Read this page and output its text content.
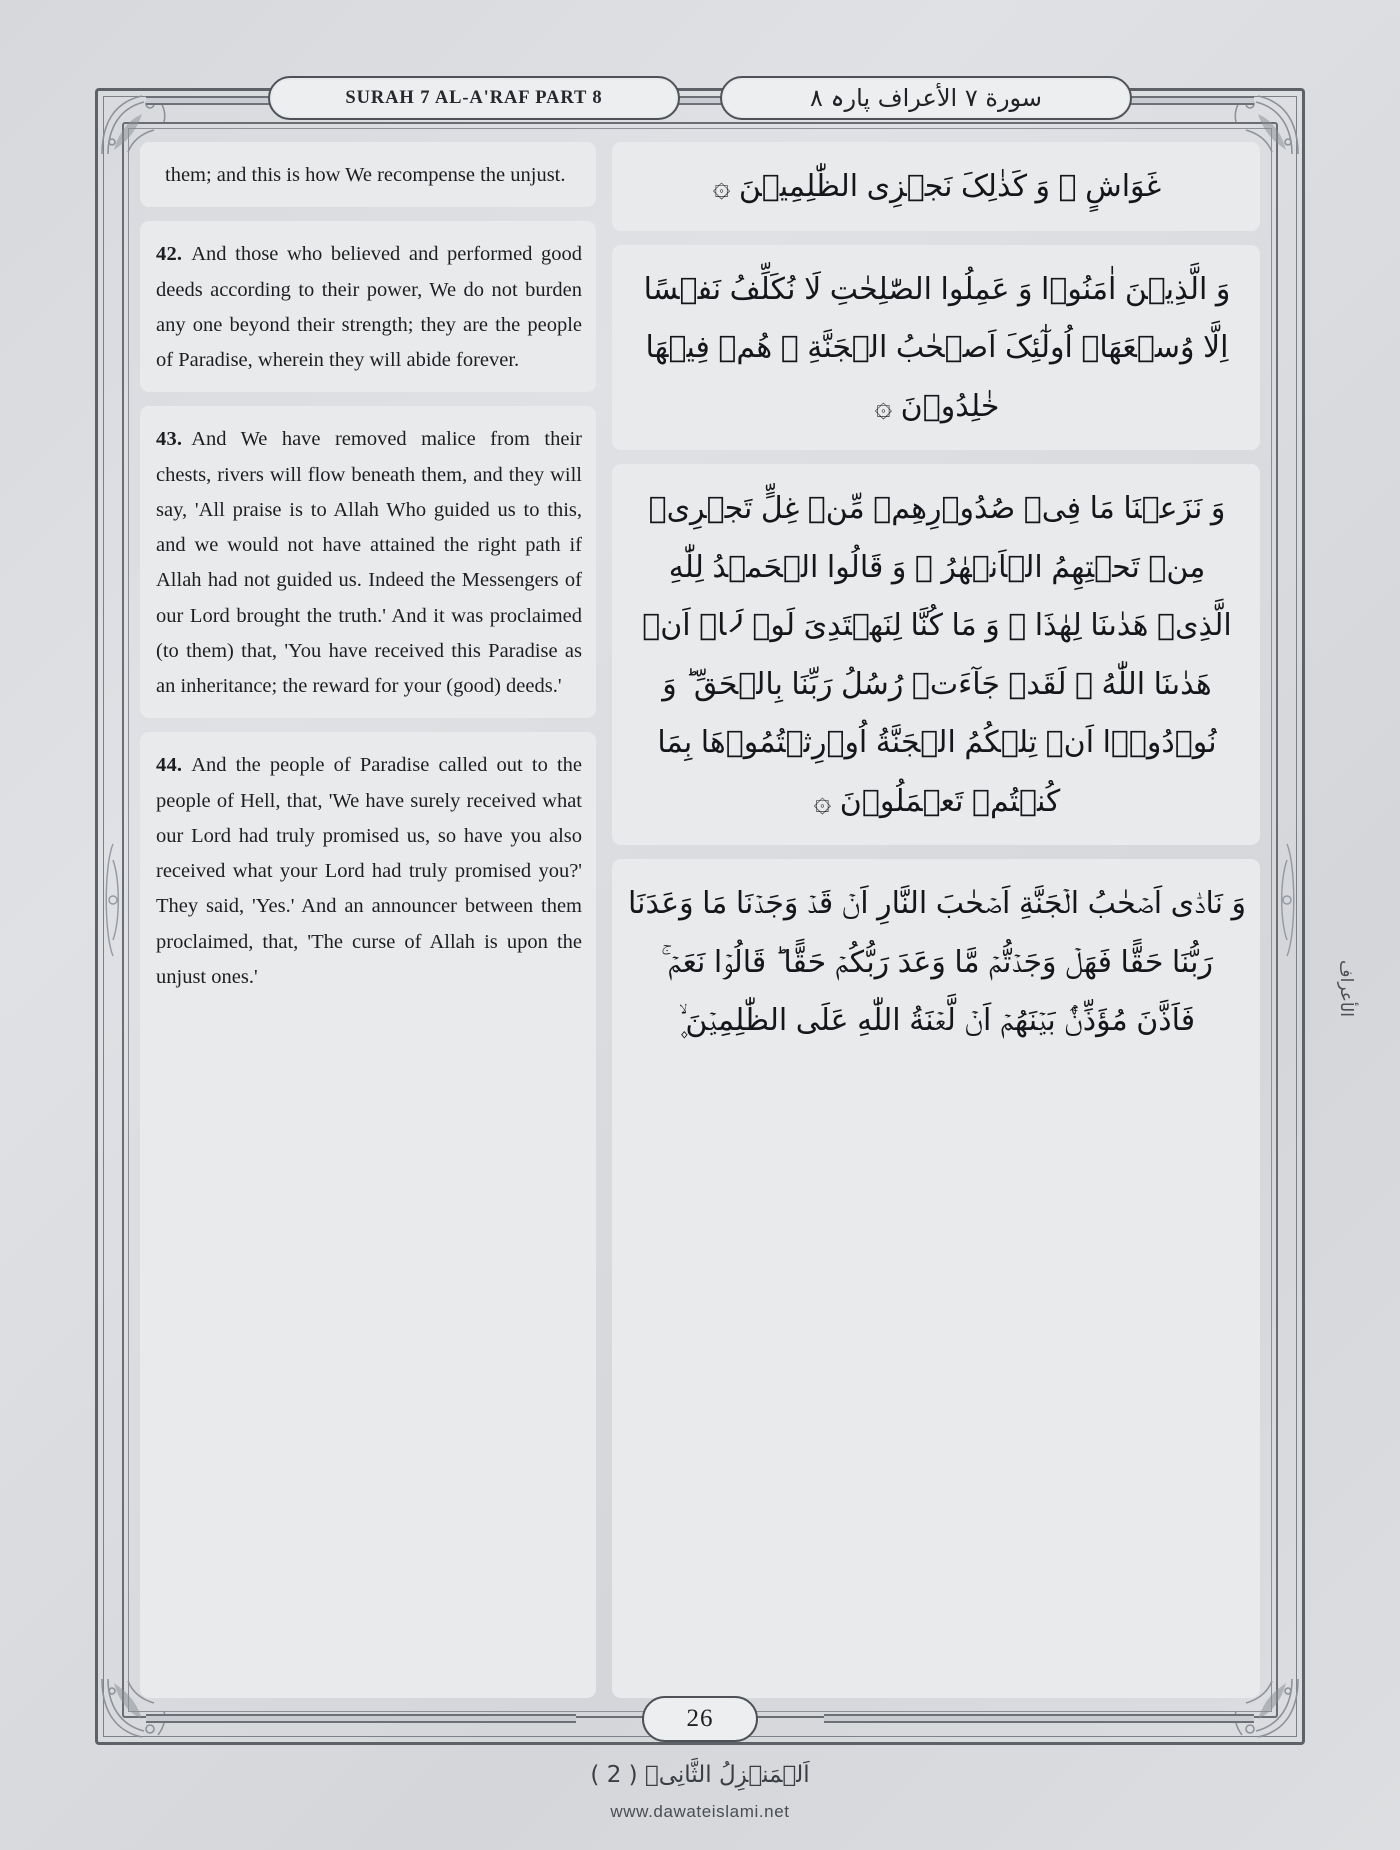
SURAH 7 AL-A'RAF PART 8	سورة ٧ الأعراف پارہ ٨
them; and this is how We recompense the unjust.
42. And those who believed and performed good deeds according to their power, We do not burden any one beyond their strength; they are the people of Paradise, wherein they will abide forever.
43. And We have removed malice from their chests, rivers will flow beneath them, and they will say, 'All praise is to Allah Who guided us to this, and we would not have attained the right path if Allah had not guided us. Indeed the Messengers of our Lord brought the truth.' And it was proclaimed (to them) that, 'You have received this Paradise as an inheritance; the reward for your (good) deeds.'
44. And the people of Paradise called out to the people of Hell, that, 'We have surely received what our Lord had truly promised us, so have you also received what your Lord had truly promised you?' They said, 'Yes.' And an announcer between them proclaimed, that, 'The curse of Allah is upon the unjust ones.'
غَوَاشٍ ۭ وَ کَذٰلِکَ نَجۡزِی الظّٰلِمِیۡنَ ۞
وَ الَّذِیۡنَ اٰمَنُوۡا وَ عَمِلُوا الصّٰلِحٰتِ لَا نُکَلِّفُ نَفۡسًا اِلَّا وُسۡعَهَاۤ اُولٰٓئِکَ اَصۡحٰبُ الۡجَنَّةِ ۚ هُمۡ فِیۡهَا خٰلِدُوۡنَ ۞
وَ نَزَعۡنَا مَا فِیۡ صُدُوۡرِهِمۡ مِّنۡ غِلٍّ تَجۡرِیۡ مِنۡ تَحۡتِهِمُ الۡاَنۡهٰرُ ۚ وَ قَالُوا الۡحَمۡدُ لِلّٰهِ الَّذِیۡ هَدٰىنَا لِهٰذَا ۟ وَ مَا کُنَّا لِنَهۡتَدِیَ لَوۡ لَاۤ اَنۡ هَدٰىنَا اللّٰهُ ۚ لَقَدۡ جَآءَتۡ رُسُلُ رَبِّنَا بِالۡحَقِّ ؕ وَ نُوۡدُوۡۤا اَنۡ تِلۡکُمُ الۡجَنَّةُ اُوۡرِثۡتُمُوۡهَا بِمَا کُنۡتُمۡ تَعۡمَلُوۡنَ ۞
وَ نَادٰۤی اَصۡحٰبُ الۡجَنَّةِ اَصۡحٰبَ النَّارِ اَنۡ قَدۡ وَجَدۡنَا مَا وَعَدَنَا رَبُّنَا حَقًّا فَهَلۡ وَجَدۡتُّمۡ مَّا وَعَدَ رَبُّکُمۡ حَقًّا ؕ قَالُوۡا نَعَمۡ ۚ فَاَذَّنَ مُؤَذِّنٌۢ بَیۡنَهُمۡ اَنۡ لَّعۡنَةُ اللّٰهِ عَلَی الظّٰلِمِیۡنَ ۪ۙ
الأعراف
26
اَلۡمَنۡزِلُ الثَّانِیۡ ( 2 )
www.dawateislami.net
